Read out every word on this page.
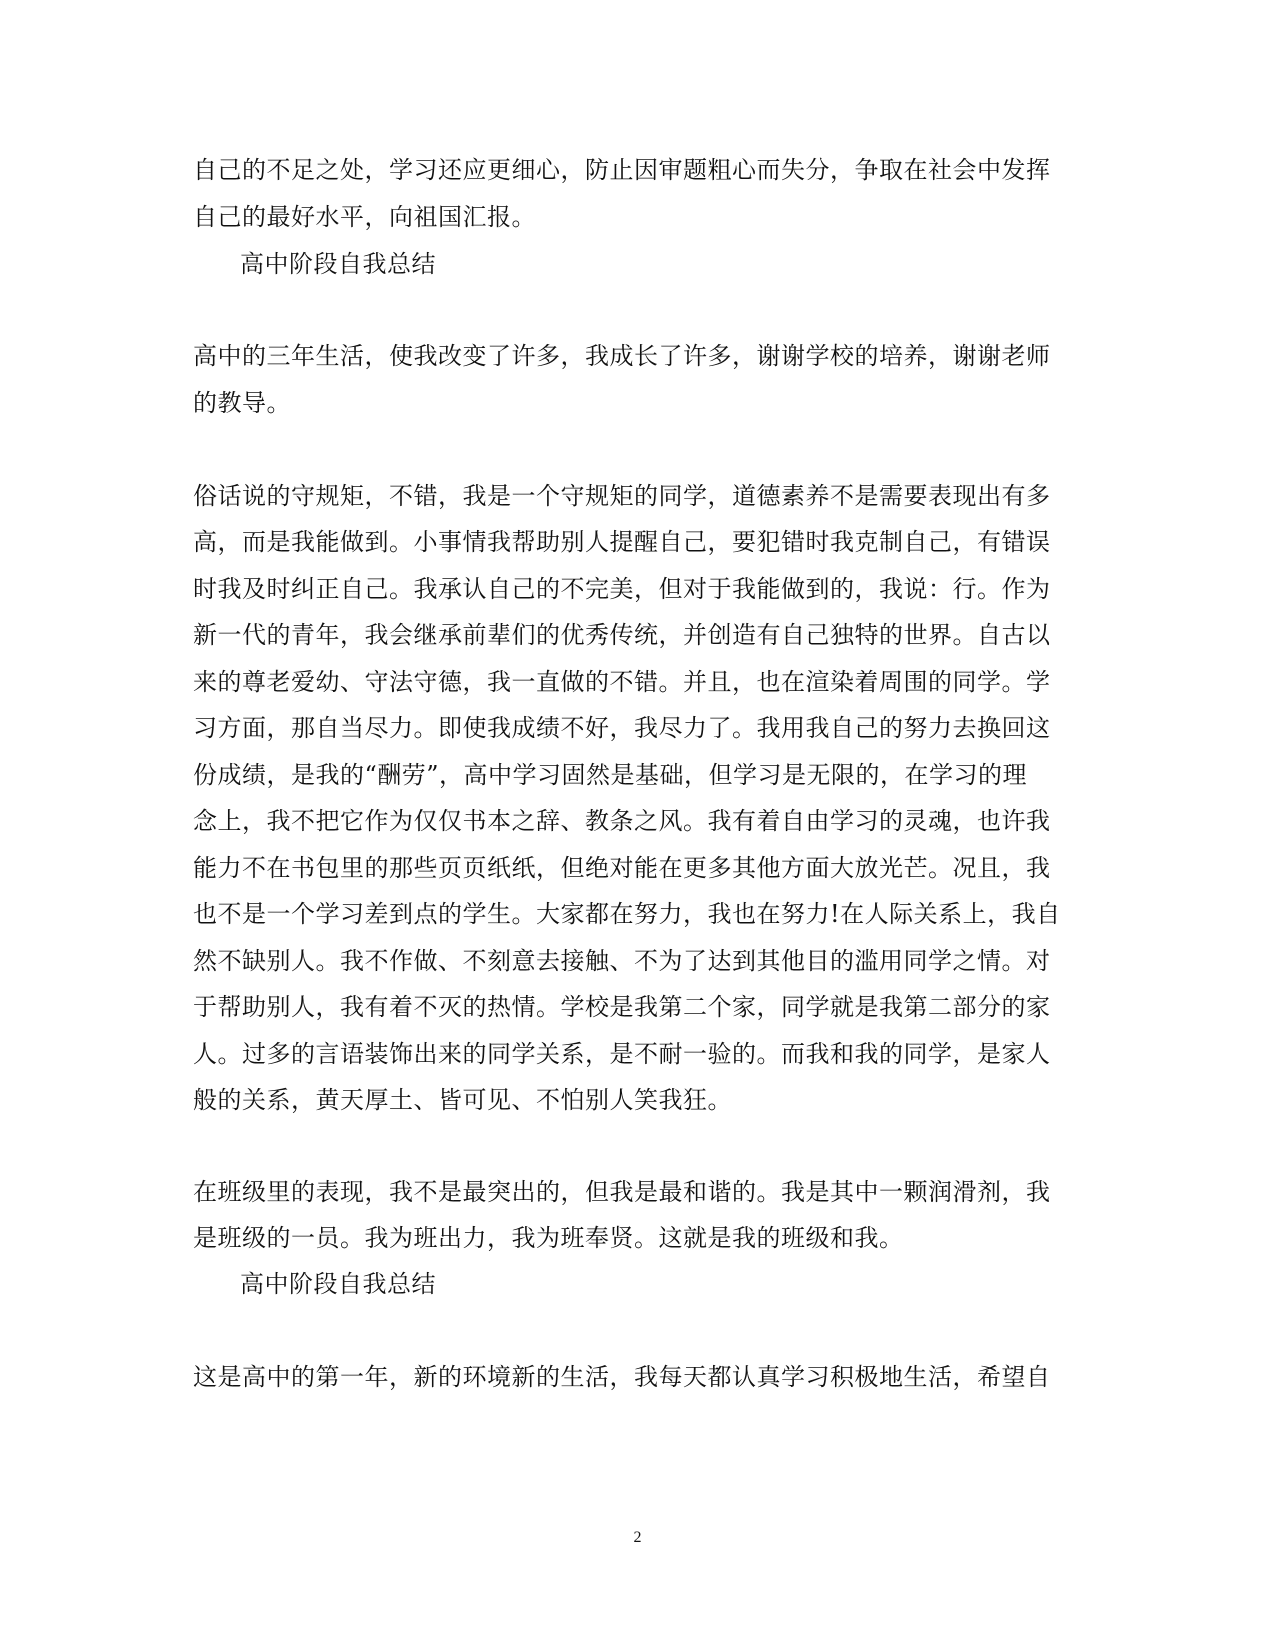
自己的不足之处，学习还应更细心，防止因审题粗心而失分，争取在社会中发挥
自己的最好水平，向祖国汇报。
高中阶段自我总结
高中的三年生活，使我改变了许多，我成长了许多，谢谢学校的培养，谢谢老师
的教导。
俗话说的守规矩，不错，我是一个守规矩的同学，道德素养不是需要表现出有多
高，而是我能做到。小事情我帮助别人提醒自己，要犯错时我克制自己，有错误
时我及时纠正自己。我承认自己的不完美，但对于我能做到的，我说：行。作为
新一代的青年，我会继承前辈们的优秀传统，并创造有自己独特的世界。自古以
来的尊老爱幼、守法守德，我一直做的不错。并且，也在渲染着周围的同学。学
习方面，那自当尽力。即使我成绩不好，我尽力了。我用我自己的努力去换回这
份成绩，是我的“酬劳”，高中学习固然是基础，但学习是无限的，在学习的理
念上，我不把它作为仅仅书本之辞、教条之风。我有着自由学习的灵魂，也许我
能力不在书包里的那些页页纸纸，但绝对能在更多其他方面大放光芒。况且，我
也不是一个学习差到点的学生。大家都在努力，我也在努力!在人际关系上，我自
然不缺别人。我不作做、不刻意去接触、不为了达到其他目的滥用同学之情。对
于帮助别人，我有着不灭的热情。学校是我第二个家，同学就是我第二部分的家
人。过多的言语装饰出来的同学关系，是不耐一验的。而我和我的同学，是家人
般的关系，黄天厚土、皆可见、不怕别人笑我狂。
在班级里的表现，我不是最突出的，但我是最和谐的。我是其中一颗润滑剂，我
是班级的一员。我为班出力，我为班奉贤。这就是我的班级和我。
高中阶段自我总结
这是高中的第一年，新的环境新的生活，我每天都认真学习积极地生活，希望自
2
